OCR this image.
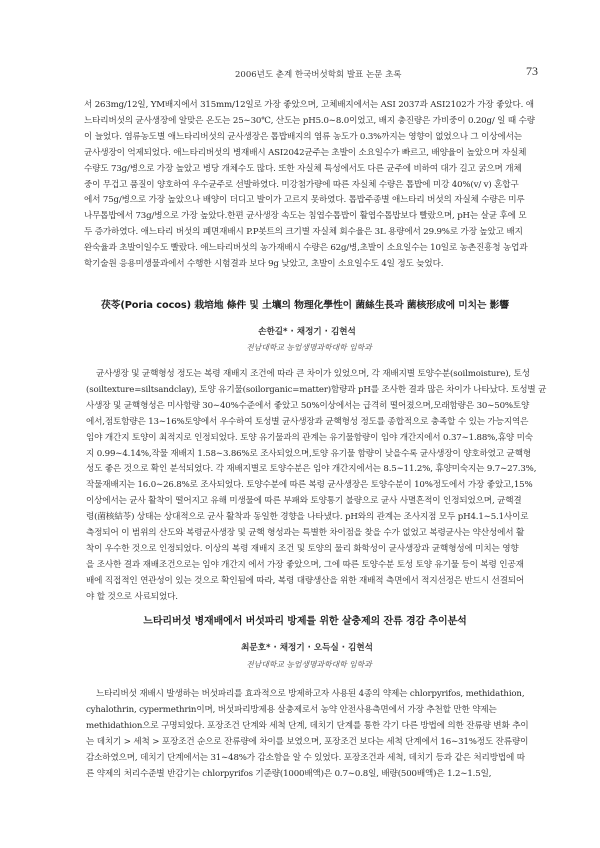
2006년도 춘계 한국버섯학회 발표 논문 초록	73
서 263mg/12일, YM배지에서 315mm/12일로 가장 좋았으며, 고체배지에서는 ASI 2037과 ASI2102가 가장 좋았다. 애
느타리버섯의 균사생장에 알맞은 온도는 25∼30℃, 산도는 pH5.0∼8.0이었고, 배지 충진량은 가비중이 0.20g/ 일 때 수량
이 늘었다. 염류농도별 애느타리버섯의 균사생장은 톱밥배지의 염류 농도가 0.3%까지는 영향이 없었으나 그 이상에서는
균사생장이 억제되었다. 애느타리버섯의 병재배시 ASI2042균주는 초발이 소요일수가 빠르고, 배양율이 높았으며 자실체
수량도 73g/병으로 가장 높았고 병당 개체수도 많다. 또한 자실체 특성에서도 다른 균주에 비하여 대가 길고 굵으며 개체
중이 무겁고 품질이 양호하여 우수균주로 선발하였다. 미강첨가량에 따른 자실체 수량은 톱밥에 미강 40%(v/ v) 혼합구
에서 75g/병으로 가장 높았으나 배양이 더디고 발이가 고르지 못하였다. 톱밥주종별 애느타리 버섯의 자실체 수량은 미루
나무톱밥에서 73g/병으로 가장 높았다.한편 균사생장 속도는 침엽수톱밥이 활엽수톱밥보다 빨랐으며, pH는 살균 후에 모
두 증가하였다. 애느타리 버섯의 폐면재배시 P.P봇트의 크기별 자실체 회수율은 3L 용량에서 29.9%로 가장 높았고 배지
완숙율과 초발이일수도 빨랐다. 애느타리버섯의 농가재배시 수량은 62g/병,초발이 소요일수는 10일로 농촌진흥청 농업과
학기술원 응용미생물과에서 수행한 시험결과 보다 9g 낮았고, 초발이 소요일수도 4일 정도 늦었다.
茯苓(Poria cocos) 栽培地 條件 및 土壤의 物理化學性이 菌絲生長과 菌核形成에 미치는 影響
손한길* · 채정기 · 김현석
전남대학교 농업생명과학대학 임학과
균사생장 및 균핵형성 정도는 복령 재배지 조건에 따라 큰 차이가 있었으며, 각 재배지별 토양수분(soilmoisture), 토성
(soiltexture=siltsandclay), 토양 유기물(soilorganic=matter)함량과 pH를 조사한 결과 많은 차이가 나타났다. 토성별 균
사생장 및 균핵형성은 미사함량 30∼40%수준에서 좋았고 50%이상에서는 급격히 떨어졌으며,모래함량은 30∼50%토양
에서,점토함량은 13∼16%토양에서 우수하여 토성별 균사생장과 균핵형성 정도를 종합적으로 충족할 수 있는 가능지역은
임야 개간지 토양이 최적지로 인정되었다. 토양 유기물과의 관계는 유기물함량이 임야 개간지에서 0.37∼1.88%,휴양 미숙
지 0.99∼4.14%,작물 재배지 1.58∼3.86%로 조사되었으며,토양 유기물 함량이 낮을수록 균사생장이 양호하였고 균핵형
성도 좋은 것으로 확인 분석되었다. 각 재배지별로 토양수분은 임야 개간지에서는 8.5∼11.2%, 휴양미숙지는 9.7∼27.3%,
작물재배지는 16.0∼26.8%로 조사되었다. 토양수분에 따른 복령 균사생장은 토양수분이 10%정도에서 가장 좋았고,15%
이상에서는 균사 활착이 떨어지고 유해 미생물에 따른 부패와 토양통기 불량으로 균사 사멸흔적이 인정되었으며, 균핵결
령(菌核結苓) 상태는 상대적으로 균사 활착과 동일한 경향을 나타냈다. pH와의 관계는 조사지점 모두 pH4.1∼5.1사이로
측정되어 이 범위의 산도와 복령균사생장 및 균핵 형성과는 특별한 차이점을 찾을 수가 없었고 복령균사는 약산성에서 활
착이 우수한 것으로 인정되었다. 이상의 복령 재배지 조건 및 토양의 물리 화학성이 균사생장과 균핵형성에 미치는 영향
을 조사한 결과 재배조건으로는 임야 개간지 에서 가장 좋았으며, 그에 따른 토양수분 토성 토양 유기물 등이 복령 인공재
배에 직접적인 연관성이 있는 것으로 확인됨에 따라, 복령 대량생산을 위한 재배적 측면에서 적지선정은 반드시 선결되어
야 할 것으로 사료되었다.
느타리버섯 병재배에서 버섯파리 방제를 위한 살충제의 잔류 경감 추이분석
최문호* · 채정기 · 오득실 · 김현석
전남대학교 농업생명과학대학 임학과
느타리버섯 재배시 발생하는 버섯파리를 효과적으로 방제하고자 사용된 4종의 약제는 chlorpyrifos, methidathion,
cyhalothrin, cypermethrin이며, 버섯파리방제용 살충제로서 농약 안전사용측면에서 가장 추천할 만한 약제는
methidathion으로 구명되었다. 포장조건 단계와 세척 단계, 데치기 단계를 통한 각기 다른 방법에 의한 잔류량 변화 추이
는 데치기 > 세척 > 포장조건 순으로 잔류량에 차이를 보였으며, 포장조건 보다는 세척 단계에서 16∼31%정도 잔류량이
감소하였으며, 데치기 단계에서는 31∼48%가 감소함을 알 수 있었다. 포장조건과 세척, 데치기 등과 같은 처리방법에 따
른 약제의 처리수준별 반감기는 chlorpyrifos 기준량(1000배액)은 0.7∼0.8일, 배량(500배액)은 1.2∼1.5일,
